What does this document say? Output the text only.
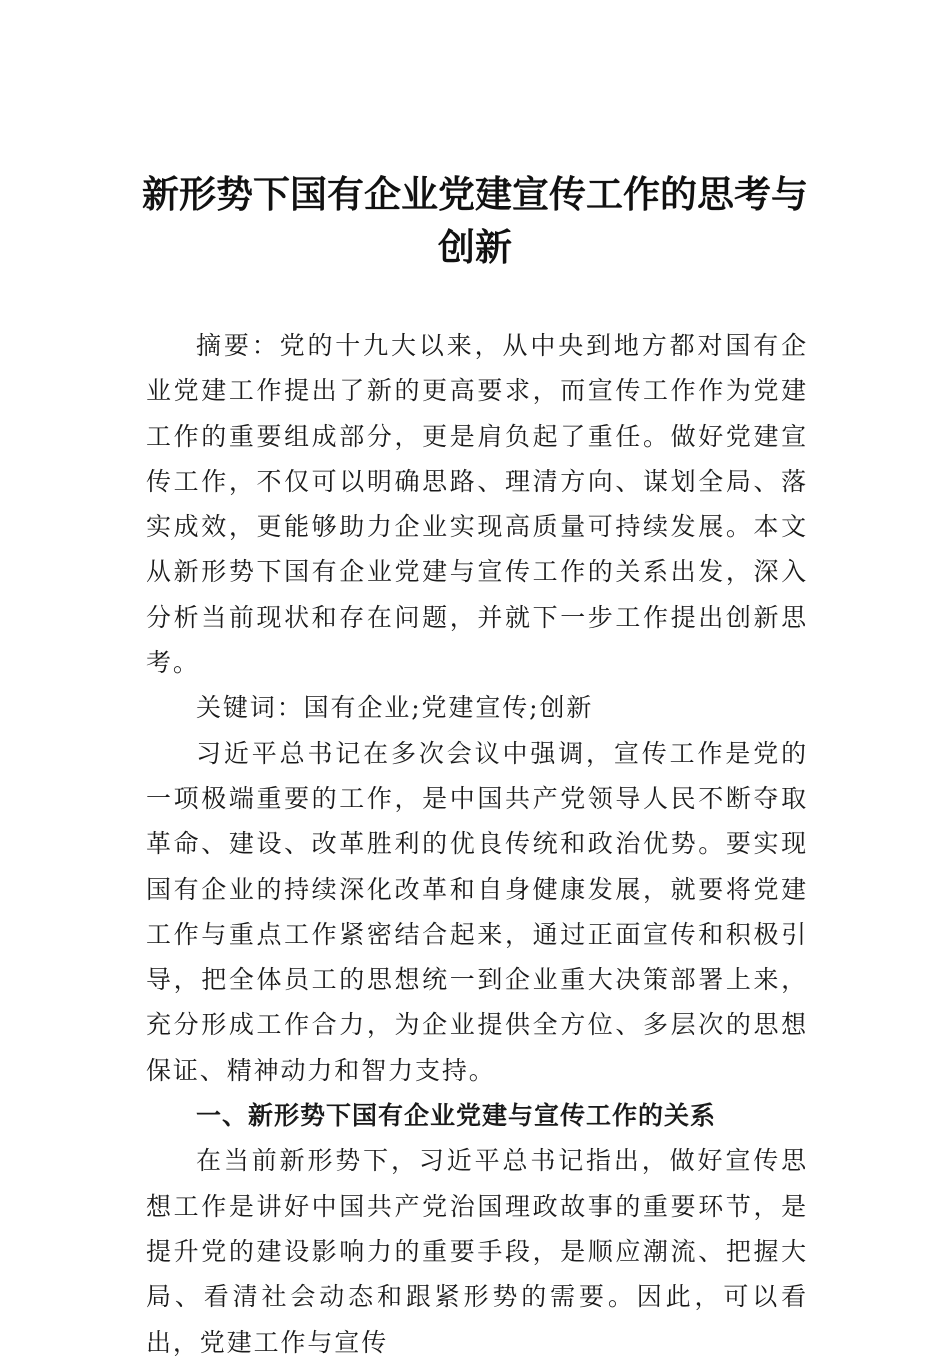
新形势下国有企业党建宣传工作的思考与创新

摘要：党的十九大以来，从中央到地方都对国有企业党建工作提出了新的更高要求，而宣传工作作为党建工作的重要组成部分，更是肩负起了重任。做好党建宣传工作，不仅可以明确思路、理清方向、谋划全局、落实成效，更能够助力企业实现高质量可持续发展。本文从新形势下国有企业党建与宣传工作的关系出发，深入分析当前现状和存在问题，并就下一步工作提出创新思考。

关键词：国有企业;党建宣传;创新

习近平总书记在多次会议中强调，宣传工作是党的一项极端重要的工作，是中国共产党领导人民不断夺取革命、建设、改革胜利的优良传统和政治优势。要实现国有企业的持续深化改革和自身健康发展，就要将党建工作与重点工作紧密结合起来，通过正面宣传和积极引导，把全体员工的思想统一到企业重大决策部署上来，充分形成工作合力，为企业提供全方位、多层次的思想保证、精神动力和智力支持。

一、新形势下国有企业党建与宣传工作的关系

在当前新形势下，习近平总书记指出，做好宣传思想工作是讲好中国共产党治国理政故事的重要环节，是提升党的建设影响力的重要手段，是顺应潮流、把握大局、看清社会动态和跟紧形势的需要。因此，可以看出，党建工作与宣传
